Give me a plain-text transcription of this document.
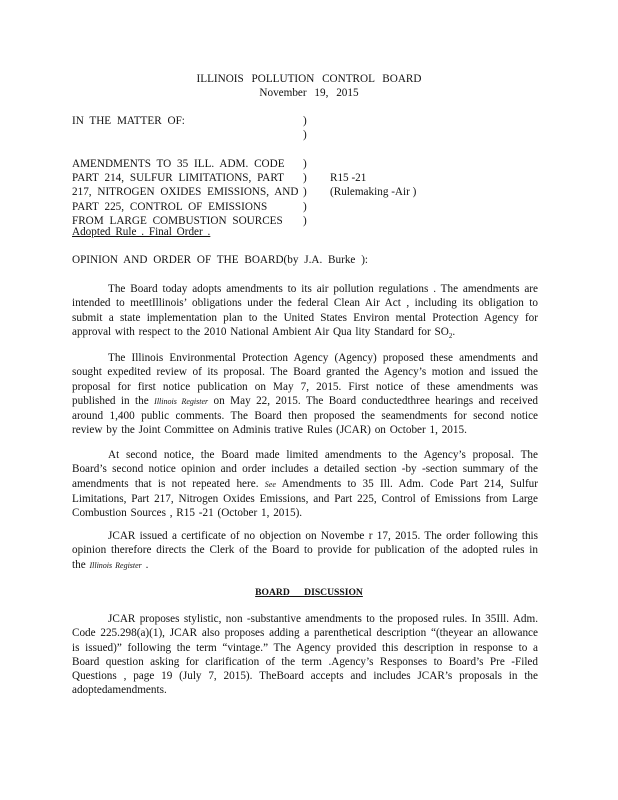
ILLINOIS POLLUTION CONTROL BOARD
November 19, 2015
IN THE MATTER OF:	)
)
AMENDMENTS TO 35 ILL. ADM. CODE )
PART 214, SULFUR LIMITATIONS, PART ) R15 -21
217, NITROGEN OXIDES EMISSIONS, AND ) (Rulemaking -Air )
PART 225, CONTROL OF EMISSIONS	)
FROM LARGE COMBUSTION SOURCES )
Adopted Rule . Final Order .
OPINION AND ORDER OF THE BOARD(by J.A. Burke ):
The Board today adopts amendments to its air pollution regulations . The amendments are intended to meetIllinois’ obligations under the federal Clean Air Act , including its obligation to submit a state implementation plan to the United States Environ mental Protection Agency for approval with respect to the 2010 National Ambient Air Qua lity Standard for $SO_2$.
The Illinois Environmental Protection Agency (Agency) proposed these amendments and sought expedited review of its proposal. The Board granted the Agency’s motion and issued the proposal for first notice publication on May 7, 2015. First notice of these amendments was published in the Illinois Register on May 22, 2015. The Board conductedthree hearings and received around 1,400 public comments. The Board then proposed the seamendments for second notice review by the Joint Committee on Adminis trative Rules (JCAR) on October 1, 2015.
At second notice, the Board made limited amendments to the Agency’s proposal. The Board’s second notice opinion and order includes a detailed section -by -section summary of the amendments that is not repeated here. See Amendments to 35 Ill. Adm. Code Part 214, Sulfur Limitations, Part 217, Nitrogen Oxides Emissions, and Part 225, Control of Emissions from Large Combustion Sources , R15 -21 (October 1, 2015).
JCAR issued a certificate of no objection on Novembe r 17, 2015. The order following this opinion therefore directs the Clerk of the Board to provide for publication of the adopted rules in the Illinois Register .
BOARD DISCUSSION
JCAR proposes stylistic, non -substantive amendments to the proposed rules. In 35Ill. Adm. Code 225.298(a)(1), JCAR also proposes adding a parenthetical description “(theyear an allowance is issued)” following the term “vintage.” The Agency provided this description in response to a Board question asking for clarification of the term .Agency’s Responses to Board’s Pre -Filed Questions , page 19 (July 7, 2015). TheBoard accepts and includes JCAR’s proposals in the adoptedamendments.
